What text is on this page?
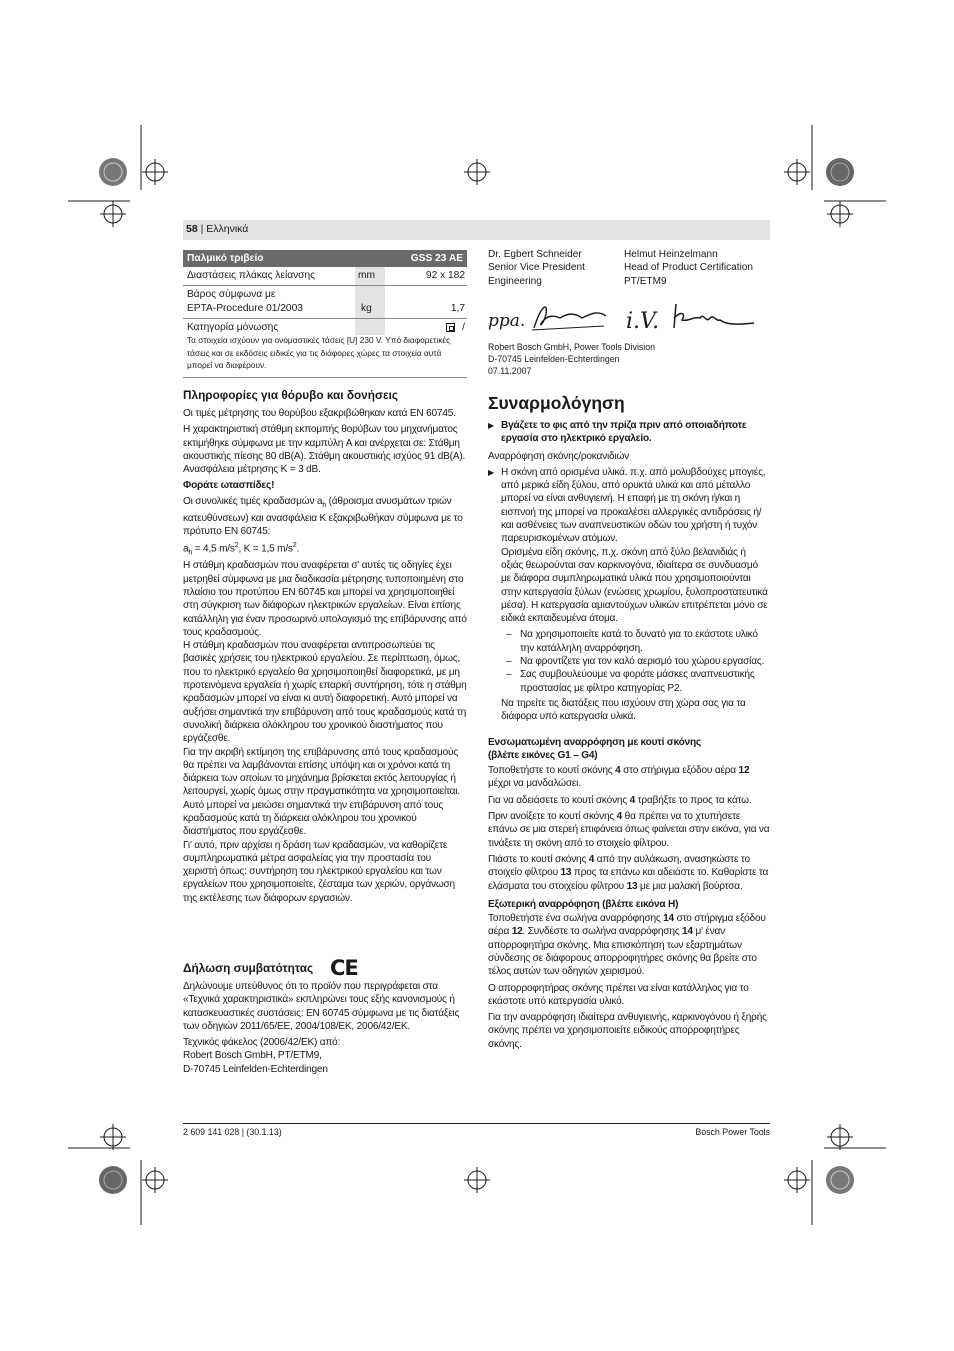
58 | Ελληνικά
Παλμικό τριβείο	GSS 23 AE
Διαστάσεις πλάκας λείανσης	mm	92 x 182
Βάρος σύμφωνα με
EPTA-Procedure 01/2003	kg	1,7
Κατηγορία μόνωσης	/
Τα στοιχεία ισχύουν για ονομαστικές τάσεις [U] 230 V. Υπό διαφορετικές τάσεις και σε εκδόσεις ειδικές για τις διάφορες χώρες τα στοιχεία αυτά μπορεί να διαφέρουν.
Πληροφορίες για θόρυβο και δονήσεις

Οι τιμές μέτρησης του θορύβου εξακριβώθηκαν κατά EN 60745.

Η χαρακτηριστική στάθμη εκπομπής θορύβων του μηχανήματος εκτιμήθηκε σύμφωνα με την καμπύλη A και ανέρχεται σε: Στάθμη ακουστικής πίεσης 80 dB(A). Στάθμη ακουστικής ισχύος 91 dB(A). Ανασφάλεια μέτρησης K = 3 dB.

Φοράτε ωτασπίδες!

Οι συνολικές τιμές κραδασμών $a_h$ (άθροισμα ανυσμάτων τριών κατευθύνσεων) και ανασφάλεια K εξακριβωθήκαν σύμφωνα με το πρότυπο EN 60745:

$a_h = 4,5$ $m/s^2$, K = 1,5 $m/s^2$.

Η στάθμη κραδασμών που αναφέρεται σ' αυτές τις οδηγίες έχει μετρηθεί σύμφωνα με μια διαδικασία μέτρησης τυποποιημένη στο πλαίσιο του προτύπου EN 60745 και μπορεί να χρησιμοποιηθεί στη σύγκριση των διάφορων ηλεκτρικών εργαλείων. Είναι επίσης κατάλληλη για έναν προσωρινό υπολογισμό της επιβάρυνσης από τους κραδασμούς.

Η στάθμη κραδασμών που αναφέρεται αντιπροσωπεύει τις βασικές χρήσεις του ηλεκτρικού εργαλείου. Σε περίπτωση, όμως, που το ηλεκτρικό εργαλείο θα χρησιμοποιηθεί διαφορετικά, με μη προτεινόμενα εργαλεία ή χωρίς επαρκή συντήρηση, τότε η στάθμη κραδασμών μπορεί να είναι κι αυτή διαφορετική. Αυτό μπορεί να αυξήσει σημαντικά την επιβάρυνση από τους κραδασμούς κατά τη συνολική διάρκεια ολόκληρου του χρονικού διαστήματος που εργάζεσθε.

Για την ακριβή εκτίμηση της επιβάρυνσης από τους κραδασμούς θα πρέπει να λαμβάνονται επίσης υπόψη και οι χρόνοι κατά τη διάρκεια των οποίων το μηχάνημα βρίσκεται εκτός λειτουργίας ή λειτουργεί, χωρίς όμως στην πραγματικότητα να χρησιμοποιείται. Αυτό μπορεί να μειώσει σημαντικά την επιβάρυνση από τους κραδασμούς κατά τη διάρκεια ολόκληρου του χρονικού διαστήματος που εργάζεσθε.

Γι' αυτό, πριν αρχίσει η δράση των κραδασμών, να καθορίζετε συμπληρωματικά μέτρα ασφαλείας για την προστασία του χειριστή όπως: συντήρηση του ηλεκτρικού εργαλείου και των εργαλείων που χρησιμοποιείτε, ζέσταμα των χεριών, οργάνωση της εκτέλεσης των διάφορων εργασιών.

Δήλωση συμβατότητας CE

Δηλώνουμε υπεύθυνος ότι το προϊόν που περιγράφεται στα «Τεχνικά χαρακτηριστικά» εκπληρώνει τους εξής κανονισμούς ή κατασκευαστικές συστάσεις: EN 60745 σύμφωνα με τις διατάξεις των οδηγιών 2011/65/ΕΕ, 2004/108/ΕΚ, 2006/42/ΕΚ.

Τεχνικός φάκελος (2006/42/ΕΚ) από:

Robert Bosch GmbH, PT/ETM9,

D-70745 Leinfelden-Echterdingen

Dr. Egbert Schneider
Senior Vice President
Engineering
Helmut Heinzelmann
Head of Product Certification
PT/ETM9
ppa.	i.V.
Robert Bosch GmbH, Power Tools Division
D-70745 Leinfelden-Echterdingen
07.11.2007
Συναρμολόγηση
▶ Βγάζετε το φις από την πρίζα πριν από οποιαδήποτε εργασία στο ηλεκτρικό εργαλείο.

Αναρρόφηση σκόνης/ροκανιδιών

▶ Η σκόνη από ορισμένα υλικά. π.χ. από μολυβδούχες μπογιές, από μερικά είδη ξύλου, από ορυκτά υλικά και από μέταλλο μπορεί να είναι ανθυγιεινή. Η επαφή με τη σκόνη ή/και η εισπνοή της μπορεί να προκαλέσει αλλεργικές αντιδράσεις ή/και ασθένειες των αναπνευστικών οδών του χρήστη ή τυχόν παρευρισκομένων ατόμων.
Ορισμένα είδη σκόνης, π.χ. σκόνη από ξύλο βελανιδιάς ή οξιάς θεωρούνται σαν καρκινογόνα, ιδιαίτερα σε συνδυασμό με διάφορα συμπληρωματικά υλικά που χρησιμοποιούνται στην κατεργασία ξύλων (ενώσεις χρωμίου, ξυλοπροστατευτικά μέσα). Η κατεργασία αμιαντούχων υλικών επιτρέπεται μόνο σε ειδικά εκπαιδευμένα άτομα.
– Να χρησιμοποιείτε κατά το δυνατό για το εκάστοτε υλικό την κατάλληλη αναρρόφηση.
– Να φροντίζετε για τον καλό αερισμό του χώρου εργασίας.
– Σας συμβουλεύουμε να φοράτε μάσκες αναπνευστικής προστασίας με φίλτρο κατηγορίας P2.
Να τηρείτε τις διατάξεις που ισχύουν στη χώρα σας για τα διάφορα υπό κατεργασία υλικά.
Ενσωματωμένη αναρρόφηση με κουτί σκόνης
(βλέπε εικόνες G1 – G4)

Τοποθετήστε το κουτί σκόνης 4 στο στήριγμα εξόδου αέρα 12 μέχρι να μανδαλώσει.

Για να αδειάσετε το κουτί σκόνης 4 τραβήξτε το προς τα κάτω.

Πριν ανοίξετε το κουτί σκόνης 4 θα πρέπει να το χτυπήσετε επάνω σε μια στερεή επιφάνεια όπως φαίνεται στην εικόνα, για να τινάξετε τη σκόνη από το στοιχείο φίλτρου.

Πιάστε το κουτί σκόνης 4 από την αυλάκωση, ανασηκώστε το στοιχείο φίλτρου 13 προς τα επάνω και αδειάστε το. Καθαρίστε τα ελάσματα του στοιχείου φίλτρου 13 με μια μαλακή βούρτσα.

Εξωτερική αναρρόφηση (βλέπε εικόνα H)

Τοποθετήστε ένα σωλήνα αναρρόφησης 14 στο στήριγμα εξόδου αέρα 12. Συνδέστε το σωλήνα αναρρόφησης 14 μ' έναν απορροφητήρα σκόνης. Μια επισκόπηση των εξαρτημάτων σύνδεσης σε διάφορους απορροφητήρες σκόνης θα βρείτε στο τέλος αυτών των οδηγιών χειρισμού.

Ο απορροφητήρας σκόνης πρέπει να είναι κατάλληλος για το εκάστοτε υπό κατεργασία υλικό.

Για την αναρρόφηση ιδιαίτερα ανθυγιεινής, καρκινογόνου ή ξηρής σκόνης πρέπει να χρησιμοποιείτε ειδικούς απορροφητήρες σκόνης.

2 609 141 028 | (30.1.13)	Bosch Power Tools
